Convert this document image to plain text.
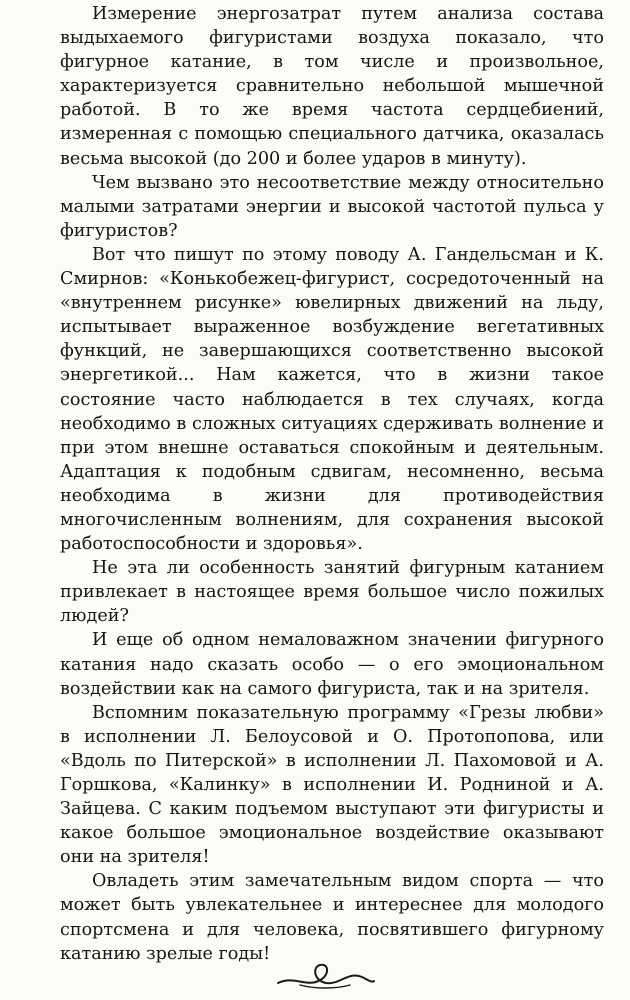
Измерение энергозатрат путем анализа состава выдыхаемого фигуристами воздуха показало, что фигурное катание, в том числе и произвольное, характеризуется сравнительно небольшой мышечной работой. В то же время частота сердцебиений, измеренная с помощью специального датчика, оказалась весьма высокой (до 200 и более ударов в минуту).

Чем вызвано это несоответствие между относительно малыми затратами энергии и высокой частотой пульса у фигуристов?

Вот что пишут по этому поводу А. Гандельсман и К. Смирнов: «Конькобежец-фигурист, сосредоточенный на «внутреннем рисунке» ювелирных движений на льду, испытывает выраженное возбуждение вегетативных функций, не завершающихся соответственно высокой энергетикой... Нам кажется, что в жизни такое состояние часто наблюдается в тех случаях, когда необходимо в сложных ситуациях сдерживать волнение и при этом внешне оставаться спокойным и деятельным. Адаптация к подобным сдвигам, несомненно, весьма необходима в жизни для противодействия многочисленным волнениям, для сохранения высокой работоспособности и здоровья».

Не эта ли особенность занятий фигурным катанием привлекает в настоящее время большое число пожилых людей?

И еще об одном немаловажном значении фигурного катания надо сказать особо — о его эмоциональном воздействии как на самого фигуриста, так и на зрителя.

Вспомним показательную программу «Грезы любви» в исполнении Л. Белоусовой и О. Протопопова, или «Вдоль по Питерской» в исполнении Л. Пахомовой и А. Горшкова, «Калинку» в исполнении И. Родниной и А. Зайцева. С каким подъемом выступают эти фигуристы и какое большое эмоциональное воздействие оказывают они на зрителя!

Овладеть этим замечательным видом спорта — что может быть увлекательнее и интереснее для молодого спортсмена и для человека, посвятившего фигурному катанию зрелые годы!
